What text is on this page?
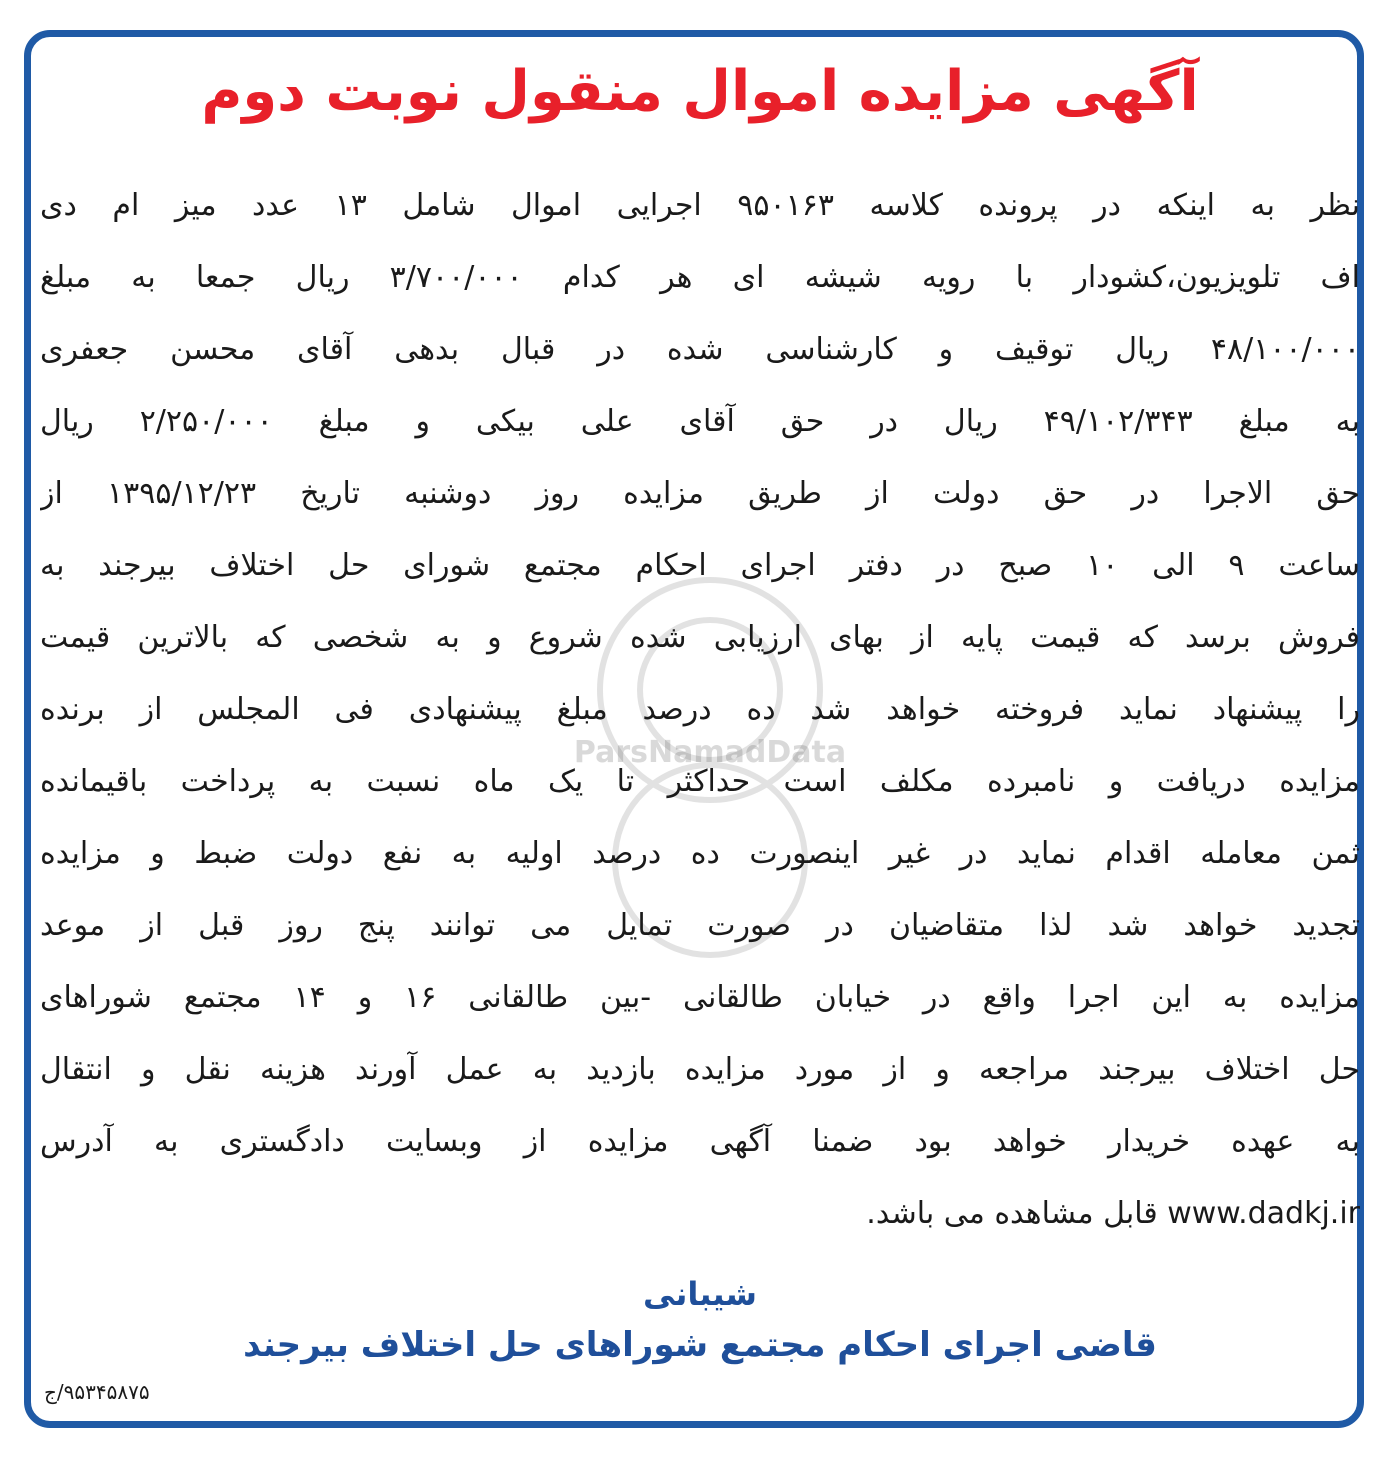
آگهی مزایده اموال منقول نوبت دوم
ParsNamadData
نظر به اینکه در پرونده کلاسه ۹۵۰۱۶۳ اجرایی اموال شامل ۱۳ عدد میز ام دی
اف تلویزیون،کشودار با رویه شیشه ای هر کدام ۳/۷۰۰/۰۰۰ ریال جمعا به مبلغ
۴۸/۱۰۰/۰۰۰ ریال توقیف و کارشناسی شده در قبال بدهی آقای محسن جعفری
به مبلغ ۴۹/۱۰۲/۳۴۳ ریال در حق آقای علی بیکی و مبلغ ۲/۲۵۰/۰۰۰ ریال
حق الاجرا در حق دولت از طریق مزایده روز دوشنبه تاریخ ۱۳۹۵/۱۲/۲۳ از
ساعت ۹ الی ۱۰ صبح در دفتر اجرای احکام مجتمع شورای حل اختلاف بیرجند به
فروش برسد که قیمت پایه از بهای ارزیابی شده شروع و به شخصی که بالاترین قیمت
را پیشنهاد نماید فروخته خواهد شد ده درصد مبلغ پیشنهادی فی المجلس از برنده
مزایده دریافت و نامبرده مکلف است حداکثر تا یک ماه نسبت به پرداخت باقیمانده
ثمن معامله اقدام نماید در غیر اینصورت ده درصد اولیه به نفع دولت ضبط و مزایده
تجدید خواهد شد لذا متقاضیان در صورت تمایل می توانند پنج روز قبل از موعد
مزایده به این اجرا واقع در خیابان طالقانی -بین طالقانی ۱۶ و ۱۴ مجتمع شوراهای
حل اختلاف بیرجند مراجعه و از مورد مزایده بازدید به عمل آورند هزینه نقل و انتقال
به عهده خریدار خواهد بود ضمنا آگهی مزایده از وبسایت دادگستری به آدرس
www.dadkj.ir قابل مشاهده می باشد.
شیبانی
قاضی اجرای احکام مجتمع شوراهای حل اختلاف بیرجند
۹۵۳۴۵۸۷۵/ج
